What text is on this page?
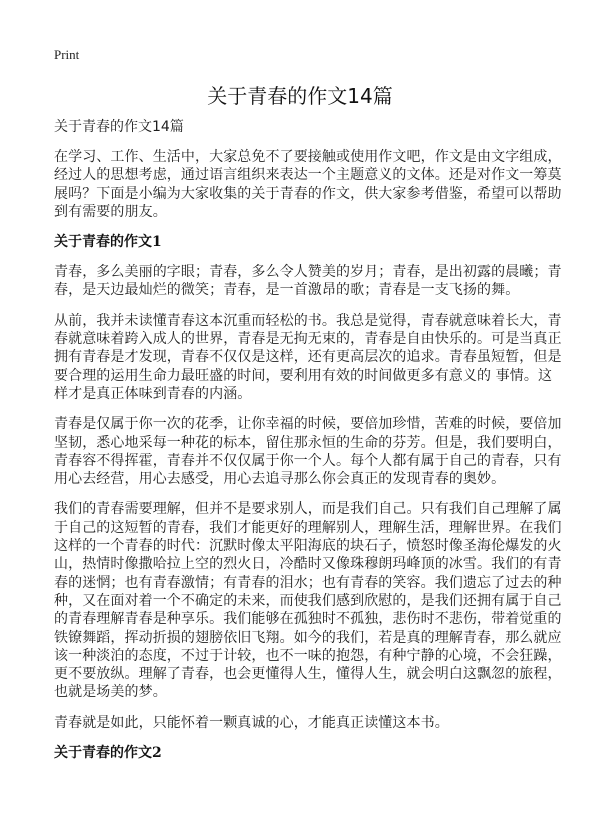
Print
关于青春的作文14篇
关于青春的作文14篇
在学习、工作、生活中，大家总免不了要接触或使用作文吧，作文是由文字组成，
经过人的思想考虑，通过语言组织来表达一个主题意义的文体。还是对作文一筹莫
展吗？下面是小编为大家收集的关于青春的作文，供大家参考借鉴，希望可以帮助
到有需要的朋友。
关于青春的作文1
青春，多么美丽的字眼；青春，多么令人赞美的岁月；青春，是出初露的晨曦；青
春，是天边最灿烂的微笑；青春，是一首激昂的歌；青春是一支飞扬的舞。
从前，我并未读懂青春这本沉重而轻松的书。我总是觉得，青春就意味着长大，青
春就意味着跨入成人的世界，青春是无拘无束的，青春是自由快乐的。可是当真正
拥有青春是才发现，青春不仅仅是这样，还有更高层次的追求。青春虽短暂，但是
要合理的运用生命力最旺盛的时间，要利用有效的时间做更多有意义的 事情。这
样才是真正体味到青春的内涵。
青春是仅属于你一次的花季，让你幸福的时候，要倍加珍惜，苦难的时候，要倍加
坚韧，悉心地采每一种花的标本，留住那永恒的生命的芬芳。但是，我们要明白，
青春容不得挥霍，青春并不仅仅属于你一个人。每个人都有属于自己的青春，只有
用心去经营，用心去感受，用心去追寻那么你会真正的发现青春的奥妙。
我们的青春需要理解，但并不是要求别人，而是我们自己。只有我们自己理解了属
于自己的这短暂的青春，我们才能更好的理解别人，理解生活，理解世界。在我们
这样的一个青春的时代：沉默时像太平阳海底的块石子，愤怒时像圣海伦爆发的火
山，热情时像撒哈拉上空的烈火日，冷酷时又像珠穆朗玛峰顶的冰雪。我们的有青
春的迷惘；也有青春激情；有青春的泪水；也有青春的笑容。我们遗忘了过去的种
种，又在面对着一个不确定的未来，而使我们感到欣慰的，是我们还拥有属于自己
的青春理解青春是种享乐。我们能够在孤独时不孤独，悲伤时不悲伤，带着觉重的
铁镣舞蹈，挥动折损的翅膀依旧飞翔。如今的我们，若是真的理解青春，那么就应
该一种淡泊的态度，不过于计较，也不一味的抱怨，有种宁静的心境，不会狂躁，
更不要放纵。理解了青春，也会更懂得人生，懂得人生，就会明白这飘忽的旅程，
也就是场美的梦。
青春就是如此，只能怀着一颗真诚的心，才能真正读懂这本书。
关于青春的作文2
